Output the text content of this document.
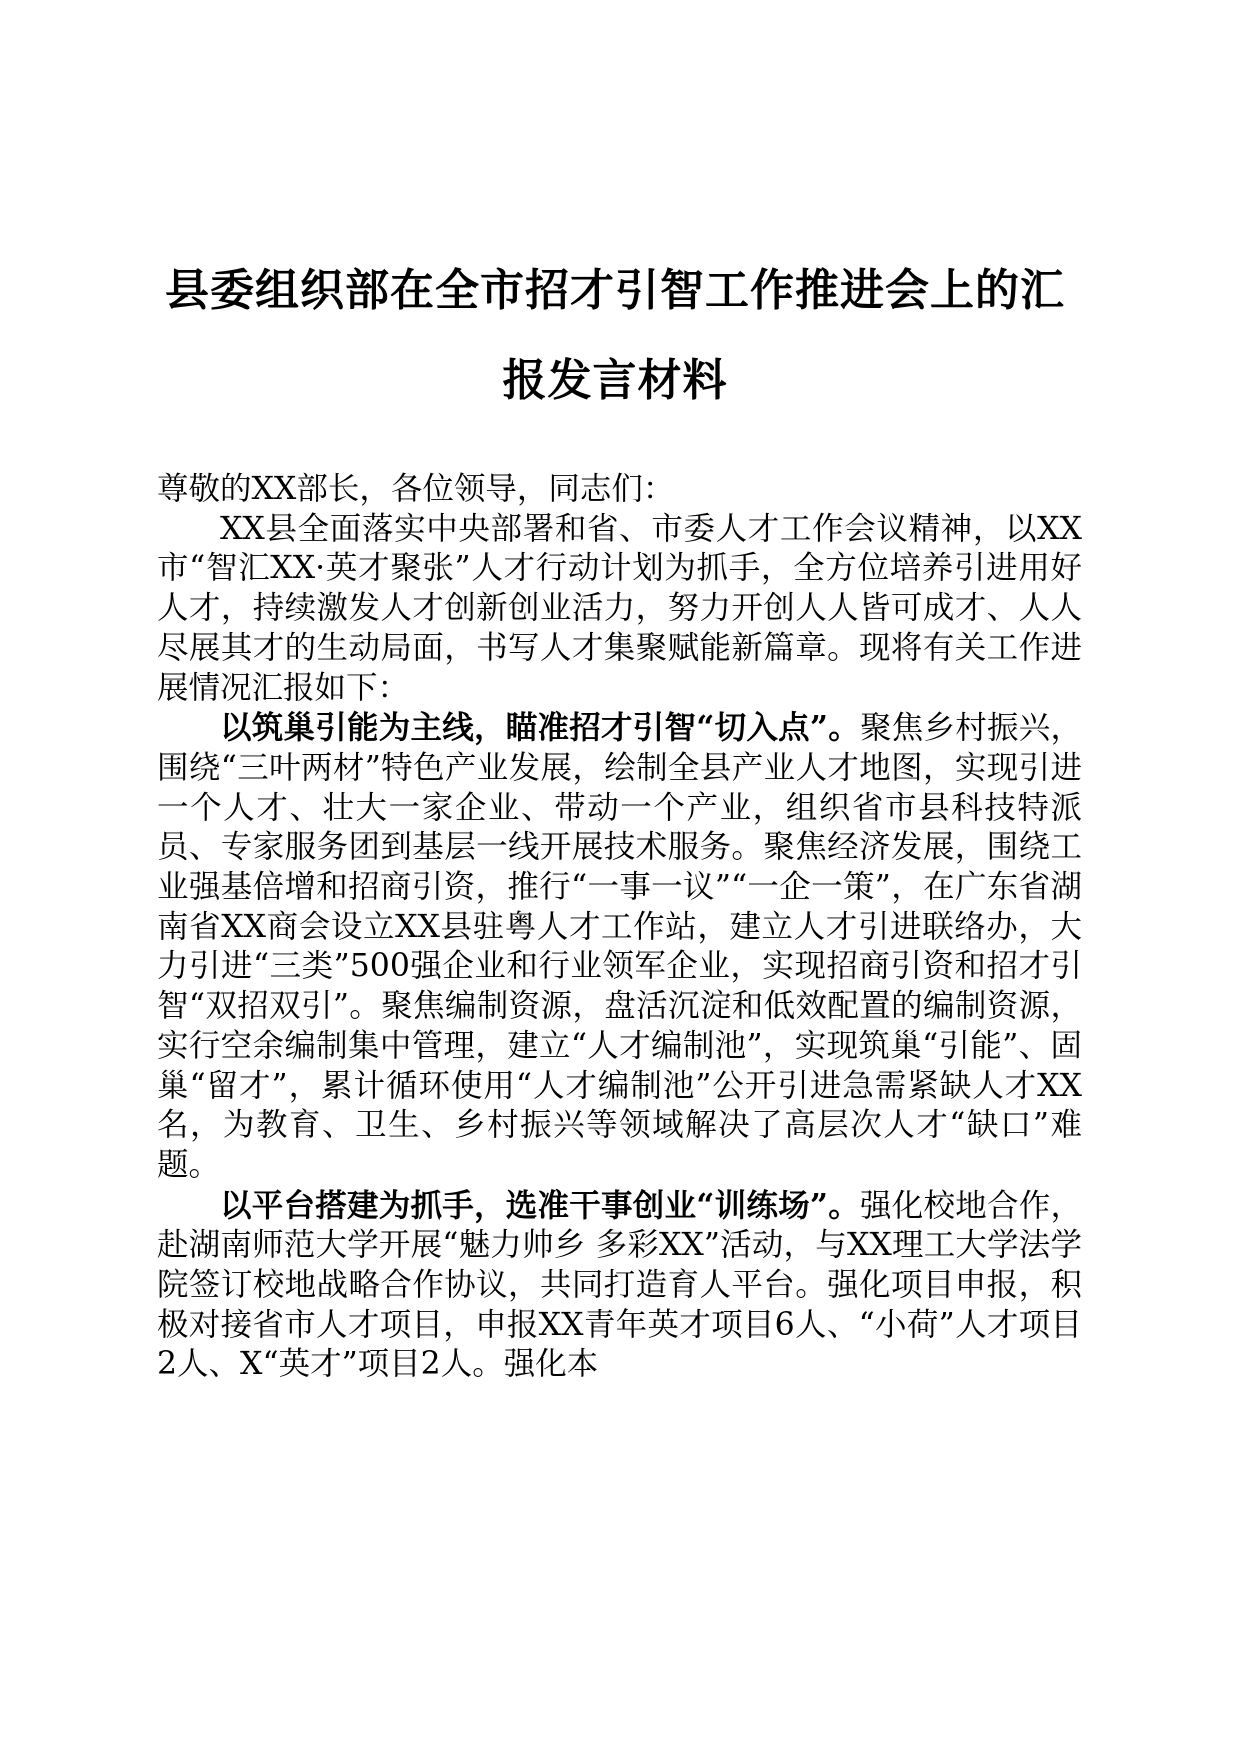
县委组织部在全市招才引智工作推进会上的汇
报发言材料

尊敬的XX部长，各位领导，同志们：

XX县全面落实中央部署和省、市委人才工作会议精神，以XX市“智汇XX·英才聚张”人才行动计划为抓手，全方位培养引进用好人才，持续激发人才创新创业活力，努力开创人人皆可成才、人人尽展其才的生动局面，书写人才集聚赋能新篇章。现将有关工作进展情况汇报如下：

以筑巢引能为主线，瞄准招才引智“切入点”。聚焦乡村振兴，围绕“三叶两材”特色产业发展，绘制全县产业人才地图，实现引进一个人才、壮大一家企业、带动一个产业，组织省市县科技特派员、专家服务团到基层一线开展技术服务。聚焦经济发展，围绕工业强基倍增和招商引资，推行“一事一议”“一企一策”，在广东省湖南省XX商会设立XX县驻粤人才工作站，建立人才引进联络办，大力引进“三类”500强企业和行业领军企业，实现招商引资和招才引智“双招双引”。聚焦编制资源，盘活沉淀和低效配置的编制资源，实行空余编制集中管理，建立“人才编制池”，实现筑巢“引能”、固巢“留才”，累计循环使用“人才编制池”公开引进急需紧缺人才XX名，为教育、卫生、乡村振兴等领域解决了高层次人才“缺口”难题。

以平台搭建为抓手，选准干事创业“训练场”。强化校地合作，赴湖南师范大学开展“魅力帅乡 多彩XX”活动，与XX理工大学法学院签订校地战略合作协议，共同打造育人平台。强化项目申报，积极对接省市人才项目，申报XX青年英才项目6人、“小荷”人才项目2人、X“英才”项目2人。强化本
